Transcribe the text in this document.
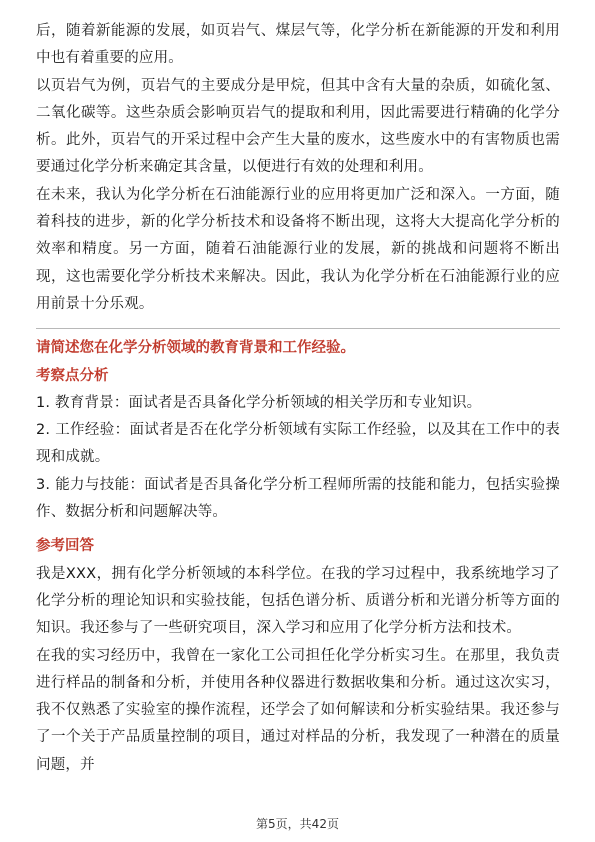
后，随着新能源的发展，如页岩气、煤层气等，化学分析在新能源的开发和利用中也有着重要的应用。

以页岩气为例，页岩气的主要成分是甲烷，但其中含有大量的杂质，如硫化氢、二氧化碳等。这些杂质会影响页岩气的提取和利用，因此需要进行精确的化学分析。此外，页岩气的开采过程中会产生大量的废水，这些废水中的有害物质也需要通过化学分析来确定其含量，以便进行有效的处理和利用。

在未来，我认为化学分析在石油能源行业的应用将更加广泛和深入。一方面，随着科技的进步，新的化学分析技术和设备将不断出现，这将大大提高化学分析的效率和精度。另一方面，随着石油能源行业的发展，新的挑战和问题将不断出现，这也需要化学分析技术来解决。因此，我认为化学分析在石油能源行业的应用前景十分乐观。

请简述您在化学分析领域的教育背景和工作经验。

考察点分析

1. 教育背景：面试者是否具备化学分析领域的相关学历和专业知识。

2. 工作经验：面试者是否在化学分析领域有实际工作经验，以及其在工作中的表现和成就。

3. 能力与技能：面试者是否具备化学分析工程师所需的技能和能力，包括实验操作、数据分析和问题解决等。

参考回答

我是XXX，拥有化学分析领域的本科学位。在我的学习过程中，我系统地学习了化学分析的理论知识和实验技能，包括色谱分析、质谱分析和光谱分析等方面的知识。我还参与了一些研究项目，深入学习和应用了化学分析方法和技术。

在我的实习经历中，我曾在一家化工公司担任化学分析实习生。在那里，我负责进行样品的制备和分析，并使用各种仪器进行数据收集和分析。通过这次实习，我不仅熟悉了实验室的操作流程，还学会了如何解读和分析实验结果。我还参与了一个关于产品质量控制的项目，通过对样品的分析，我发现了一种潜在的质量问题，并

第5页，共42页
